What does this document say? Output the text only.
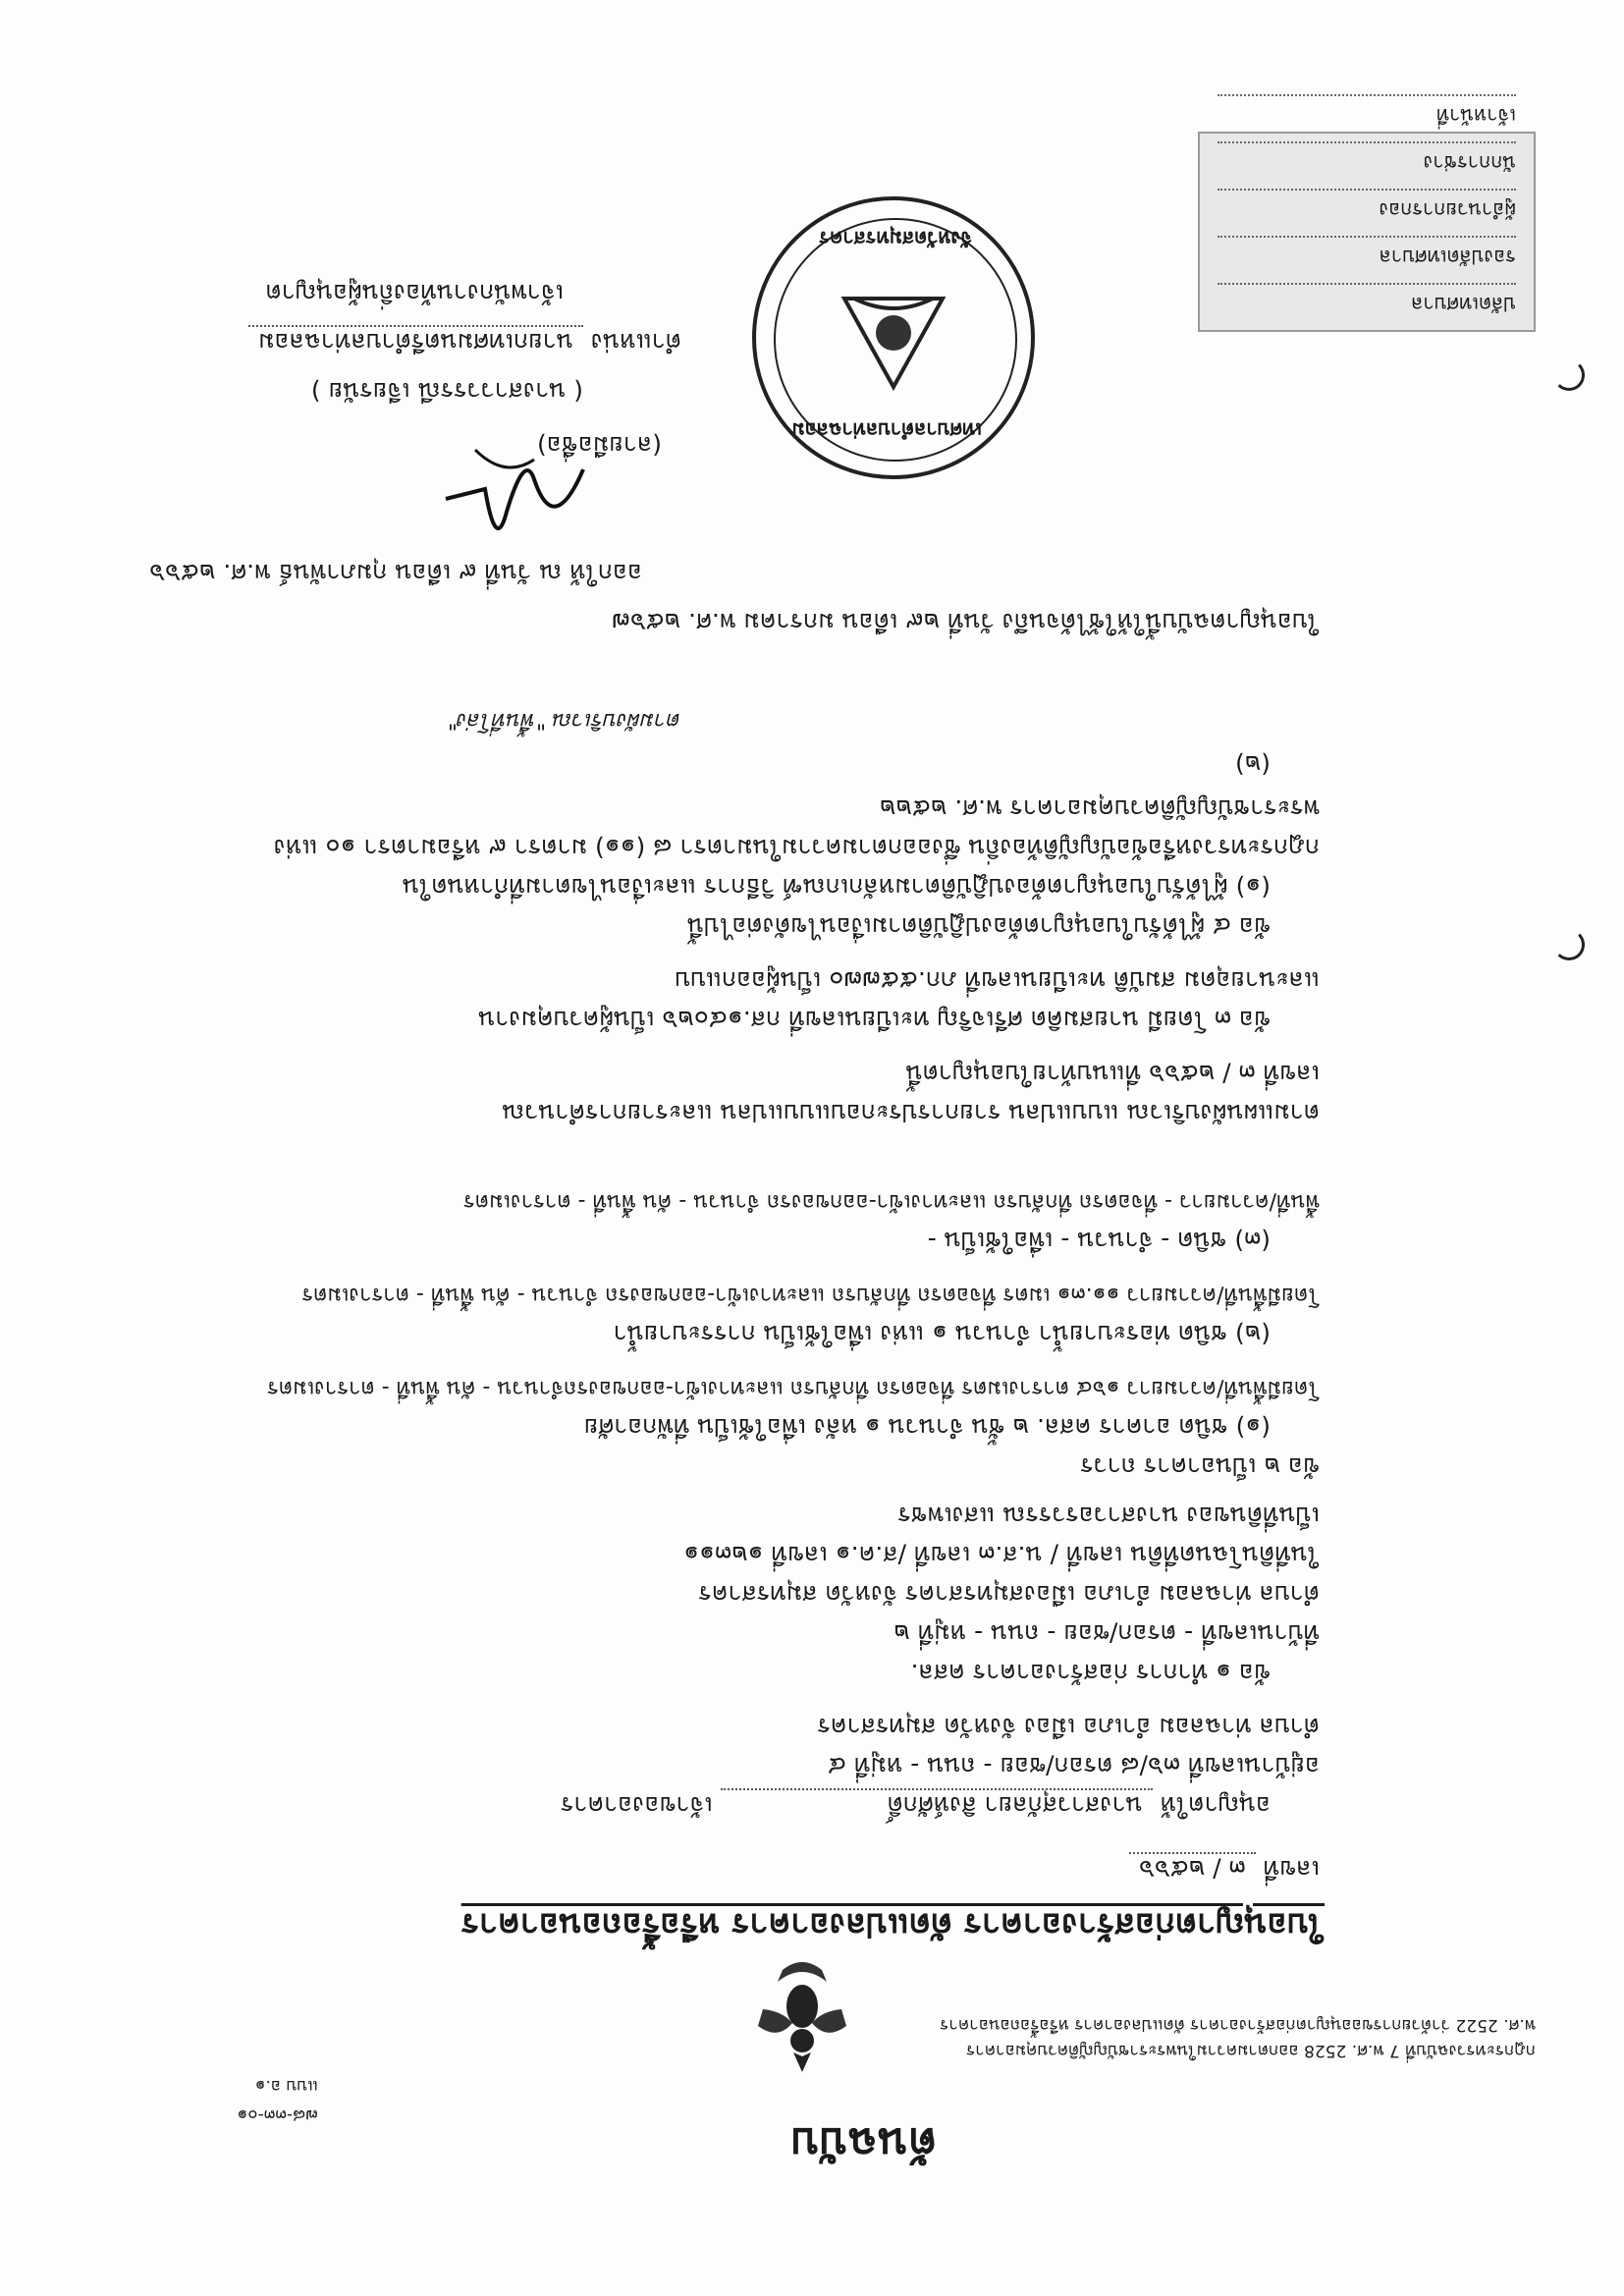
ต้นฉบับ
๗๘-๓๓-๐๑
แบบ อ.๑
กฎกระทรวงฉบับที่ 7 พ.ศ. 2528 ออกตามความในพระราชบัญญัติควบคุมอาคาร
พ.ศ. 2522 ว่าด้วยการขออนุญาตก่อสร้างอาคาร ดัดแปลงอาคาร หรือรื้อถอนอาคาร
ใบอนุญาตก่อสร้างอาคาร ดัดแปลงอาคาร หรือรื้อถอนอาคาร
เลขที่ ๓ / ๒๕๖๖
อนุญาตให้ นางสาวสุกัลยา สิงห์ศักดิ์ เจ้าของอาคาร
อยู่บ้านเลขที่ ๓๖/๘ ตรอก/ซอย - ถนน - หมู่ที่ ๔
ตำบล ท่าฉลอม อำเภอ เมือง จังหวัด สมุทรสาคร
ข้อ ๑ ทำการ ก่อสร้างอาคาร คสล.
ที่บ้านเลขที่ - ตรอก/ซอย - ถนน - หมู่ที่ ๒
ตำบล ท่าฉลอม อำเภอ เมืองสมุทรสาคร จังหวัด สมุทรสาคร
ในที่ดินโฉนดที่ดิน เลขที่ / น.ส.๓ เลขที่ /ส.ค.๑ เลขที่ ๑๒๓๑๑
เป็นที่ดินของ นางสาวอรวรรณ แสงเพชร
ข้อ ๒ เป็นอาคาร ถาวร
(๑) ชนิด อาคาร คสล. ๒ ชั้น จำนวน ๑ หลัง เพื่อใช้เป็น ที่พักอาศัย
โดยมีพื้นที่/ความยาว ๑๖๔ ตารางเมตร ที่จอดรถ ที่กลับรถ และทางเข้า-ออกของรถจำนวน - คัน พื้นที่ - ตารางเมตร
(๒) ชนิด ท่อระบายน้ำ จำนวน ๑ แห่ง เพื่อใช้เป็น การระบายน้ำ
โดยมีพื้นที่/ความยาว ๑๑.๓๑ เมตร ที่จอดรถ ที่กลับรถ และทางเข้า-ออกของรถ จำนวน - คัน พื้นที่ - ตารางเมตร
(๓) ชนิด - จำนวน - เพื่อใช้เป็น -
พื้นที่/ความยาว - ที่จอดรถ ที่กลับรถ และทางเข้า-ออกของรถ จำนวน - คัน พื้นที่ - ตารางเมตร
ตามแผนผังบริเวณ แบบแปลน รายการประกอบแบบแปลน และรายการคำนวณ
เลขที่ ๓ / ๒๕๖๖ ที่แนบท้ายใบอนุญาตนี้
ข้อ ๓ โดยมี นายสมคิด ศรีเจริญ ทะเบียนเลขที่ กส.๑๔๐๒๖ เป็นผู้ควบคุมงาน
และนายอุดม สมบัติ ทะเบียนเลขที่ ภก.๕๕๗๗๐ เป็นผู้ออกแบบ
ข้อ ๔ ผู้ได้รับใบอนุญาตต้องปฏิบัติตามเงื่อนไขดังต่อไปนี้
(๑) ผู้ได้รับใบอนุญาตต้องปฏิบัติตามหลักเกณฑ์ วิธีการ และเงื่อนไขตามที่กำหนดใน
กฎกระทรวงหรือข้อบัญญัติท้องถิ่น ซึ่งออกตามความในมาตรา ๘ (๑๑) มาตรา ๙ หรือมาตรา ๑๐ แห่ง
พระราชบัญญัติควบคุมอาคาร พ.ศ. ๒๕๒๒
(๒)
ตามผังบริเวณ "พื้นที่โล่ง"
ใบอนุญาตฉบับนี้ให้ใช้ได้จนถึง วันที่ ๒๙ เดือน มกราคม พ.ศ. ๒๕๖๗
ออกให้ ณ วันที่ ๙ เดือน กุมภาพันธ์ พ.ศ. ๒๕๖๖
(ลายมือชื่อ)
( นางสาววรรณี เจียรนัย )
ตำแหน่ง นายกเทศมนตรีตำบลท่าฉลอม
เจ้าพนักงานท้องถิ่นผู้อนุญาต
เทศบาลตำบลท่าฉลอม
จังหวัดสมุทรสาคร
ปลัดเทศบาล
รองปลัดเทศบาล
ผู้อำนวยการกอง
นักการช่าง
เจ้าหน้าที่
